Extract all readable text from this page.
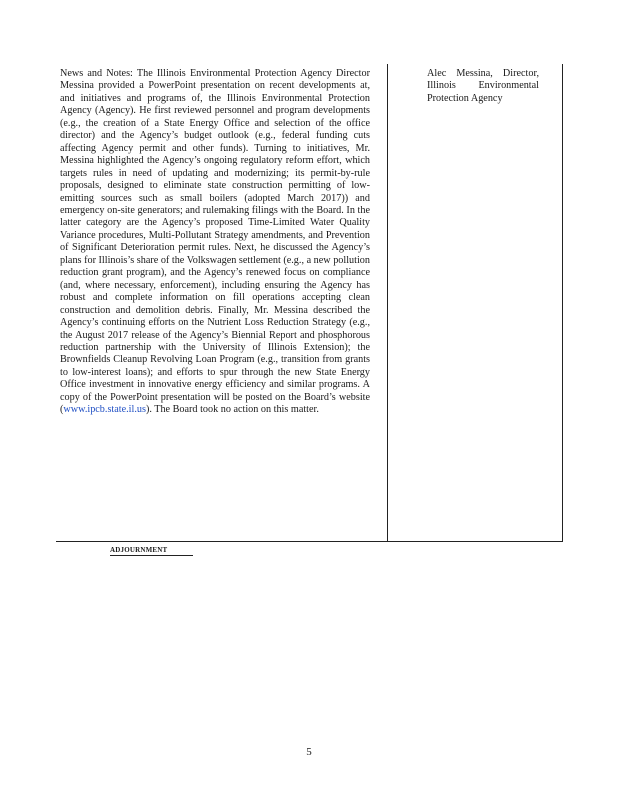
News and Notes: The Illinois Environmental Protection Agency Director Messina provided a PowerPoint presentation on recent developments at, and initiatives and programs of, the Illinois Environmental Protection Agency (Agency). He first reviewed personnel and program developments (e.g., the creation of a State Energy Office and selection of the office director) and the Agency’s budget outlook (e.g., federal funding cuts affecting Agency permit and other funds). Turning to initiatives, Mr. Messina highlighted the Agency’s ongoing regulatory reform effort, which targets rules in need of updating and modernizing; its permit-by-rule proposals, designed to eliminate state construction permitting of low-emitting sources such as small boilers (adopted March 2017)) and emergency on-site generators; and rulemaking filings with the Board. In the latter category are the Agency’s proposed Time-Limited Water Quality Variance procedures, Multi-Pollutant Strategy amendments, and Prevention of Significant Deterioration permit rules. Next, he discussed the Agency’s plans for Illinois’s share of the Volkswagen settlement (e.g., a new pollution reduction grant program), and the Agency’s renewed focus on compliance (and, where necessary, enforcement), including ensuring the Agency has robust and complete information on fill operations accepting clean construction and demolition debris. Finally, Mr. Messina described the Agency’s continuing efforts on the Nutrient Loss Reduction Strategy (e.g., the August 2017 release of the Agency’s Biennial Report and phosphorous reduction partnership with the University of Illinois Extension); the Brownfields Cleanup Revolving Loan Program (e.g., transition from grants to low-interest loans); and efforts to spur through the new State Energy Office investment in innovative energy efficiency and similar programs. A copy of the PowerPoint presentation will be posted on the Board’s website (www.ipcb.state.il.us). The Board took no action on this matter.
Alec Messina, Director, Illinois Environmental Protection Agency
ADJOURNMENT
5
